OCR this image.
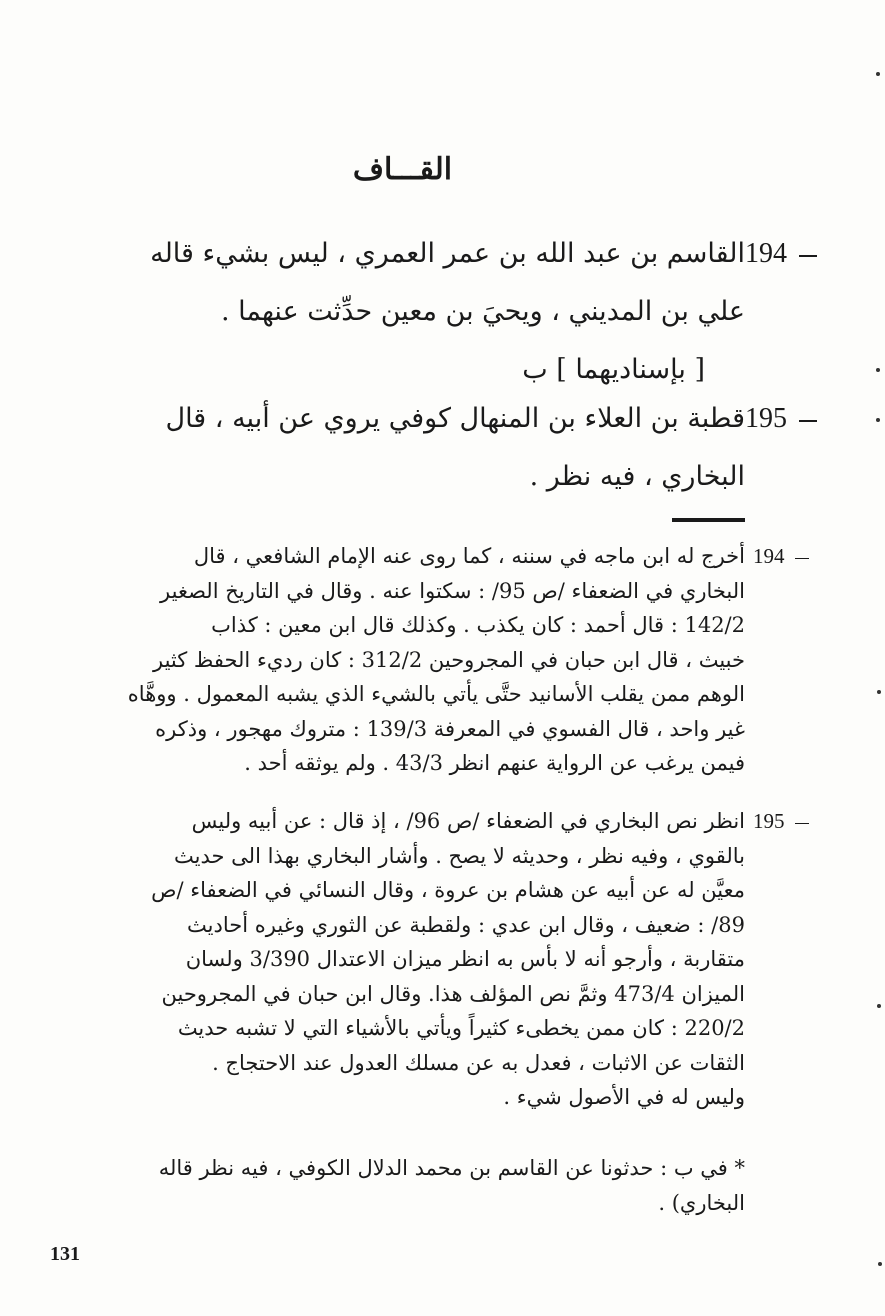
القـــاف
194
القاسم بن عبد الله بن عمر العمري ، ليس بشيء قاله
علي بن المديني ، ويحيَ بن معين حدِّثت عنهما .
[ بإسناديهما ] ب
195
قطبة بن العلاء بن المنهال كوفي يروي عن أبيه ، قال
البخاري ، فيه نظر .
194
أخرج له ابن ماجه في سننه ، كما روى عنه الإمام الشافعي ، قال
البخاري في الضعفاء /ص 95/ : سكتوا عنه . وقال في التاريخ الصغير
142/2 : قال أحمد : كان يكذب . وكذلك قال ابن معين : كذاب
خبيث ، قال ابن حبان في المجروحين 312/2 : كان رديء الحفظ كثير
الوهم ممن يقلب الأسانيد حتَّى يأتي بالشيء الذي يشبه المعمول . ووهَّاه
غير واحد ، قال الفسوي في المعرفة 139/3 : متروك مهجور ، وذكره
فيمن يرغب عن الرواية عنهم انظر 43/3 . ولم يوثقه أحد .
195
انظر نص البخاري في الضعفاء /ص 96/ ، إذ قال : عن أبيه وليس
بالقوي ، وفيه نظر ، وحديثه لا يصح . وأشار البخاري بهذا الى حديث
معيَّن له عن أبيه عن هشام بن عروة ، وقال النسائي في الضعفاء /ص
89/ : ضعيف ، وقال ابن عدي : ولقطبة عن الثوري وغيره أحاديث
متقاربة ، وأرجو أنه لا بأس به انظر ميزان الاعتدال 3/390 ولسان
الميزان 473/4 وثمَّ نص المؤلف هذا. وقال ابن حبان في المجروحين
220/2 : كان ممن يخطىء كثيراً ويأتي بالأشياء التي لا تشبه حديث
الثقات عن الاثبات ، فعدل به عن مسلك العدول عند الاحتجاج .
وليس له في الأصول شيء .
* في ب : حدثونا عن القاسم بن محمد الدلال الكوفي ، فيه نظر قاله
البخاري) .
131
